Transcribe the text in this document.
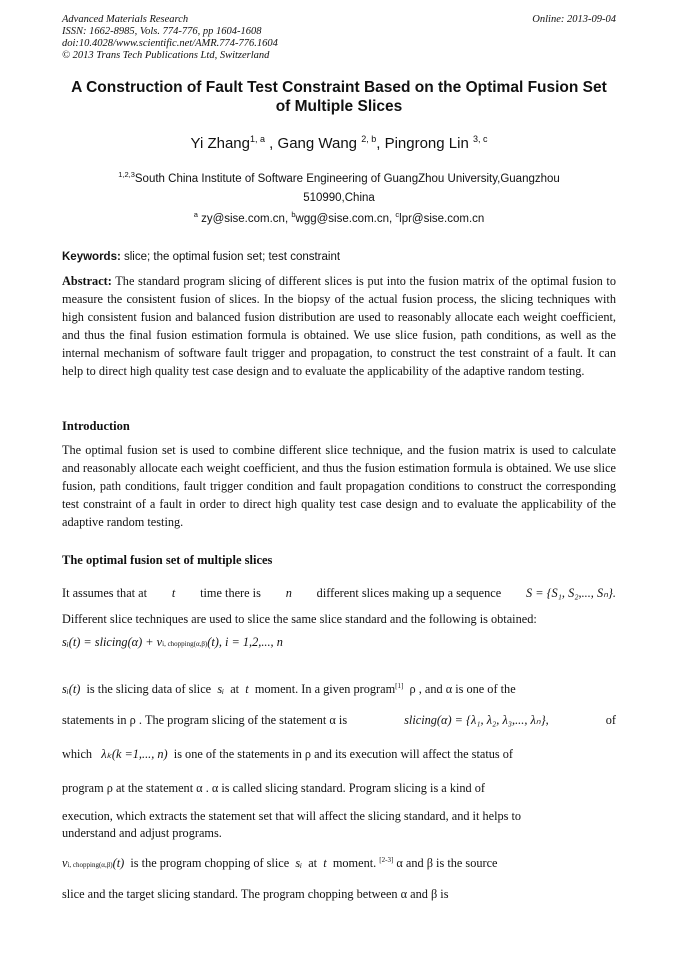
Advanced Materials Research
ISSN: 1662-8985, Vols. 774-776, pp 1604-1608
doi:10.4028/www.scientific.net/AMR.774-776.1604
© 2013 Trans Tech Publications Ltd, Switzerland
Online: 2013-09-04
A Construction of Fault Test Constraint Based on the Optimal Fusion Set
of Multiple Slices
Yi Zhang$^{1, a}$ , Gang Wang $^{2, b}$, Pingrong Lin $^{3, c}$
$^{1,2,3}$South China Institute of Software Engineering of GuangZhou University,Guangzhou
510990,China
$^a$ zy@sise.com.cn, $^b$wgg@sise.com.cn, $^c$lpr@sise.com.cn
Keywords: slice; the optimal fusion set; test constraint
Abstract: The standard program slicing of different slices is put into the fusion matrix of the optimal fusion to measure the consistent fusion of slices. In the biopsy of the actual fusion process, the slicing techniques with high consistent fusion and balanced fusion distribution are used to reasonably allocate each weight coefficient, and thus the final fusion estimation formula is obtained. We use slice fusion, path conditions, as well as the internal mechanism of software fault trigger and propagation, to construct the test constraint of a fault. It can help to direct high quality test case design and to evaluate the applicability of the adaptive random testing.
Introduction
The optimal fusion set is used to combine different slice technique, and the fusion matrix is used to calculate and reasonably allocate each weight coefficient, and thus the fusion estimation formula is obtained. We use slice fusion, path conditions, fault trigger condition and fault propagation conditions to construct the corresponding test constraint of a fault in order to direct high quality test case design and to evaluate the applicability of the adaptive random testing.
The optimal fusion set of multiple slices
It assumes that at t time there is n different slices making up a sequence S = {S₁, S₂,..., Sₙ}.
Different slice techniques are used to slice the same slice standard and the following is obtained:
sᵢ(t) = slicing(α) + νi, chopping(α,β)(t), i = 1,2,..., n
sᵢ(t) is the slicing data of slice sᵢ at t moment. In a given program[1] ρ , and α is one of the
statements in ρ . The program slicing of the statement α is	slicing(α) = {λ₁, λ₂, λ₃,..., λₙ},	of
which λₖ(k =1,..., n) is one of the statements in ρ and its execution will affect the status of
program ρ at the statement α . α is called slicing standard. Program slicing is a kind of
execution, which extracts the statement set that will affect the slicing standard, and it helps to
understand and adjust programs.
νi, chopping(α,β)(t) is the program chopping of slice sᵢ at t moment. [2-3] α and β is the source
slice and the target slicing standard. The program chopping between α and β is
